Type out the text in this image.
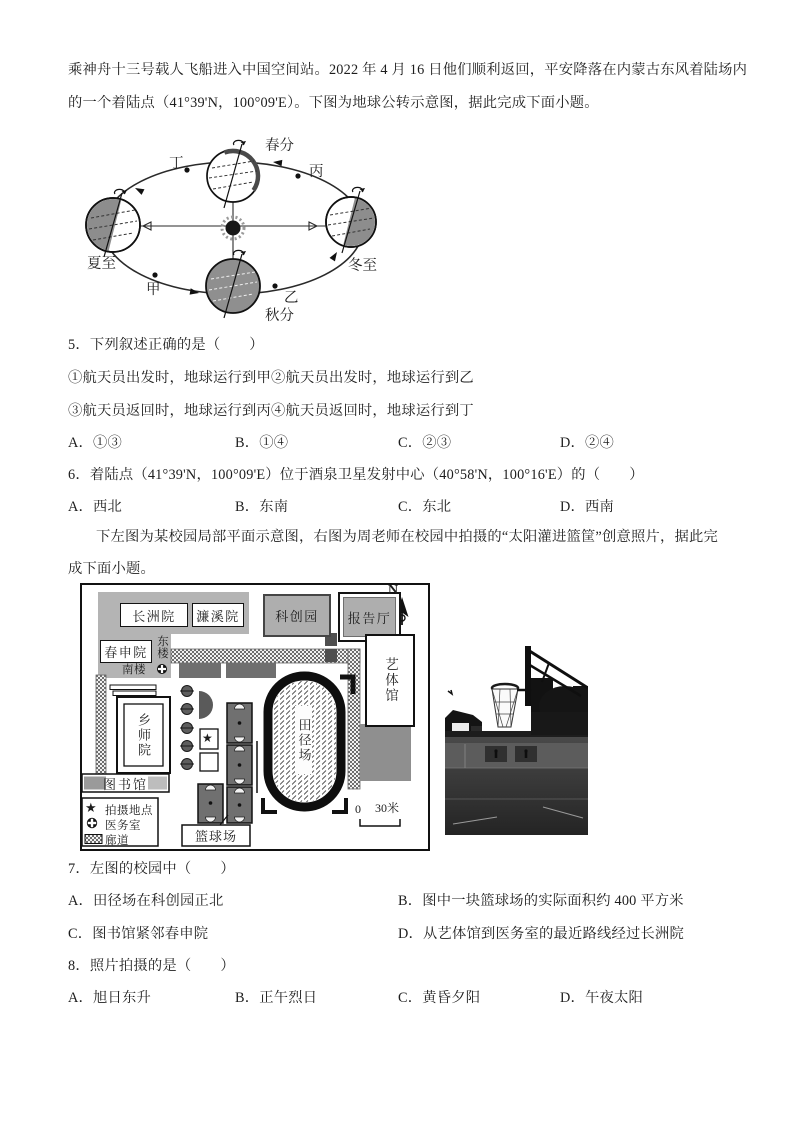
乘神舟十三号载人飞船进入中国空间站。2022 年 4 月 16 日他们顺利返回，平安降落在内蒙古东风着陆场内
的一个着陆点（41°39'N，100°09'E）。下图为地球公转示意图，据此完成下面小题。
春分
丁	丙
夏至	冬至
甲	乙
秋分
5．下列叙述正确的是（　　）
①航天员出发时，地球运行到甲②航天员出发时，地球运行到乙
③航天员返回时，地球运行到丙④航天员返回时，地球运行到丁
A．①③	B．①④	C．②③	D．②④
6．着陆点（41°39'N，100°09'E）位于酒泉卫星发射中心（40°58'N，100°16'E）的（　　）
A．西北	B．东南	C．东北	D．西南
下左图为某校园局部平面示意图，右图为周老师在校园中拍摄的“太阳灌进篮筐”创意照片，据此完
成下面小题。
长洲院	濂溪院
春申院 东楼
南楼
科创园	报告厅
N
艺体馆
乡师院	田径场
图书馆
篮球场
★
★ 拍摄地点
医务室
廊道
0 30米
7．左图的校园中（　　）
A．田径场在科创园正北	B．图中一块篮球场的实际面积约 400 平方米
C．图书馆紧邻春申院	D．从艺体馆到医务室的最近路线经过长洲院
8．照片拍摄的是（　　）
A．旭日东升	B．正午烈日	C．黄昏夕阳	D．午夜太阳
